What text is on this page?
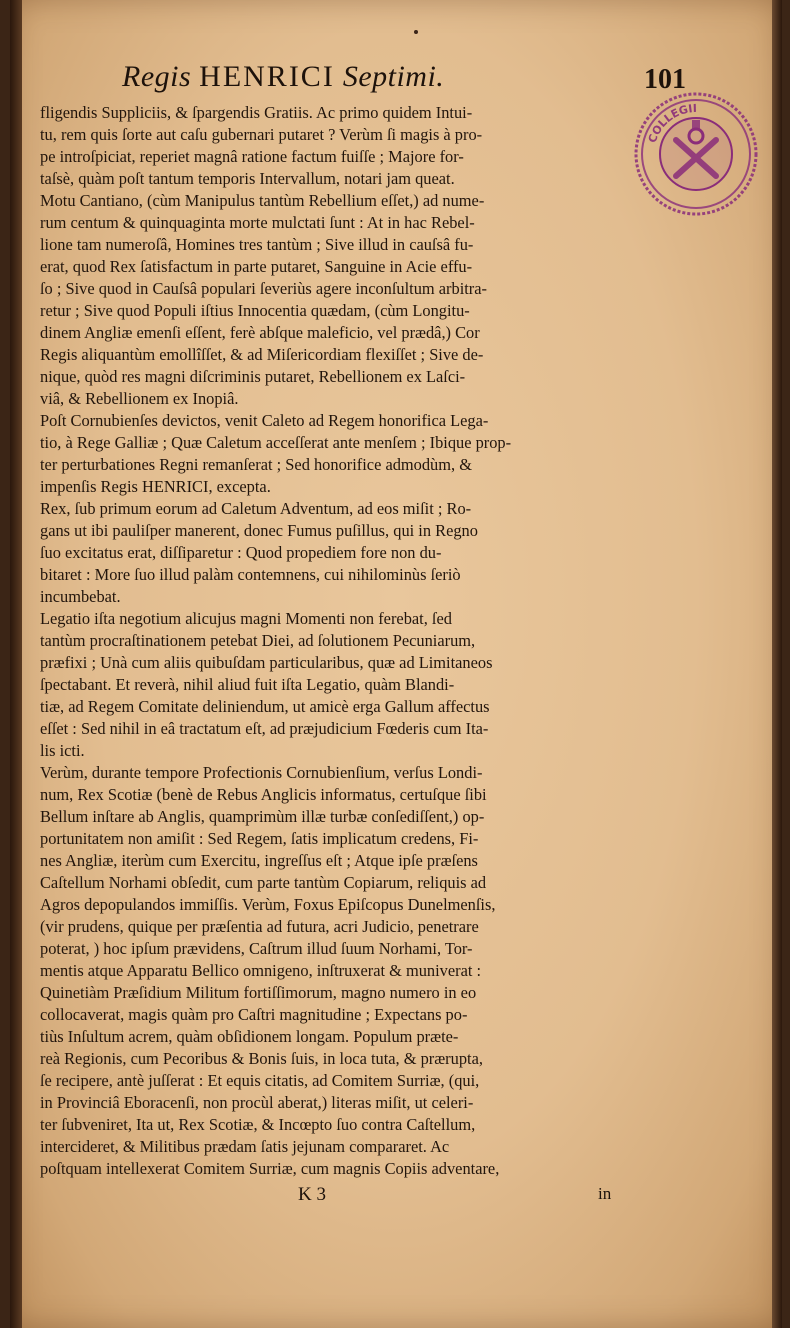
Regis HENRICI Septimi.	101
COLLEGII
fligendis Suppliciis, & ſpargendis Gratiis. Ac primo quidem Intui-
tu, rem quis ſorte aut caſu gubernari putaret ? Verùm ſi magis à pro-
pe introſpiciat, reperiet magnâ ratione factum fuiſſe ; Majore for-
taſsè, quàm poſt tantum temporis Intervallum, notari jam queat.
Motu Cantiano, (cùm Manipulus tantùm Rebellium eſſet,) ad nume-
rum centum & quinquaginta morte mulctati ſunt : At in hac Rebel-
lione tam numeroſâ, Homines tres tantùm ; Sive illud in cauſsâ fu-
erat, quod Rex ſatisfactum in parte putaret, Sanguine in Acie effu-
ſo ; Sive quod in Cauſsâ populari ſeveriùs agere inconſultum arbitra-
retur ; Sive quod Populi iſtius Innocentia quædam, (cùm Longitu-
dinem Angliæ emenſi eſſent, ferè abſque maleficio, vel prædâ,) Cor
Regis aliquantùm emollîſſet, & ad Miſericordiam flexiſſet ; Sive de-
nique, quòd res magni diſcriminis putaret, Rebellionem ex Laſci-
viâ, & Rebellionem ex Inopiâ.
Poſt Cornubienſes devictos, venit Caleto ad Regem honorifica Lega-
tio, à Rege Galliæ ; Quæ Caletum acceſſerat ante menſem ; Ibique prop-
ter perturbationes Regni remanſerat ; Sed honorifice admodùm, &
impenſis Regis HENRICI, excepta.
Rex, ſub primum eorum ad Caletum Adventum, ad eos miſit ; Ro-
gans ut ibi pauliſper manerent, donec Fumus puſillus, qui in Regno
ſuo excitatus erat, diſſiparetur : Quod propediem fore non du-
bitaret : More ſuo illud palàm contemnens, cui nihilominùs ſeriò
incumbebat.
Legatio iſta negotium alicujus magni Momenti non ferebat, ſed
tantùm procraſtinationem petebat Diei, ad ſolutionem Pecuniarum,
præfixi ; Unà cum aliis quibuſdam particularibus, quæ ad Limitaneos
ſpectabant. Et reverà, nihil aliud fuit iſta Legatio, quàm Blandi-
tiæ, ad Regem Comitate deliniendum, ut amicè erga Gallum affectus
eſſet : Sed nihil in eâ tractatum eſt, ad præjudicium Fœderis cum Ita-
lis icti.
Verùm, durante tempore Profectionis Cornubienſium, verſus Londi-
num, Rex Scotiæ (benè de Rebus Anglicis informatus, certuſque ſibi
Bellum inſtare ab Anglis, quamprimùm illæ turbæ conſediſſent,) op-
portunitatem non amiſit : Sed Regem, ſatis implicatum credens, Fi-
nes Angliæ, iterùm cum Exercitu, ingreſſus eſt ; Atque ipſe præſens
Caſtellum Norhami obſedit, cum parte tantùm Copiarum, reliquis ad
Agros depopulandos immiſſis. Verùm, Foxus Epiſcopus Dunelmenſis,
(vir prudens, quique per præſentia ad futura, acri Judicio, penetrare
poterat, ) hoc ipſum prævidens, Caſtrum illud ſuum Norhami, Tor-
mentis atque Apparatu Bellico omnigeno, inſtruxerat & muniverat :
Quinetiàm Præſidium Militum fortiſſimorum, magno numero in eo
collocaverat, magis quàm pro Caſtri magnitudine ; Expectans po-
tiùs Inſultum acrem, quàm obſidionem longam. Populum præte-
reà Regionis, cum Pecoribus & Bonis ſuis, in loca tuta, & prærupta,
ſe recipere, antè juſſerat : Et equis citatis, ad Comitem Surriæ, (qui,
in Provinciâ Eboracenſi, non procùl aberat,) literas miſit, ut celeri-
ter ſubveniret, Ita ut, Rex Scotiæ, & Incœpto ſuo contra Caſtellum,
intercideret, & Militibus prædam ſatis jejunam compararet. Ac
poſtquam intellexerat Comitem Surriæ, cum magnis Copiis adventare,
K 3	in
